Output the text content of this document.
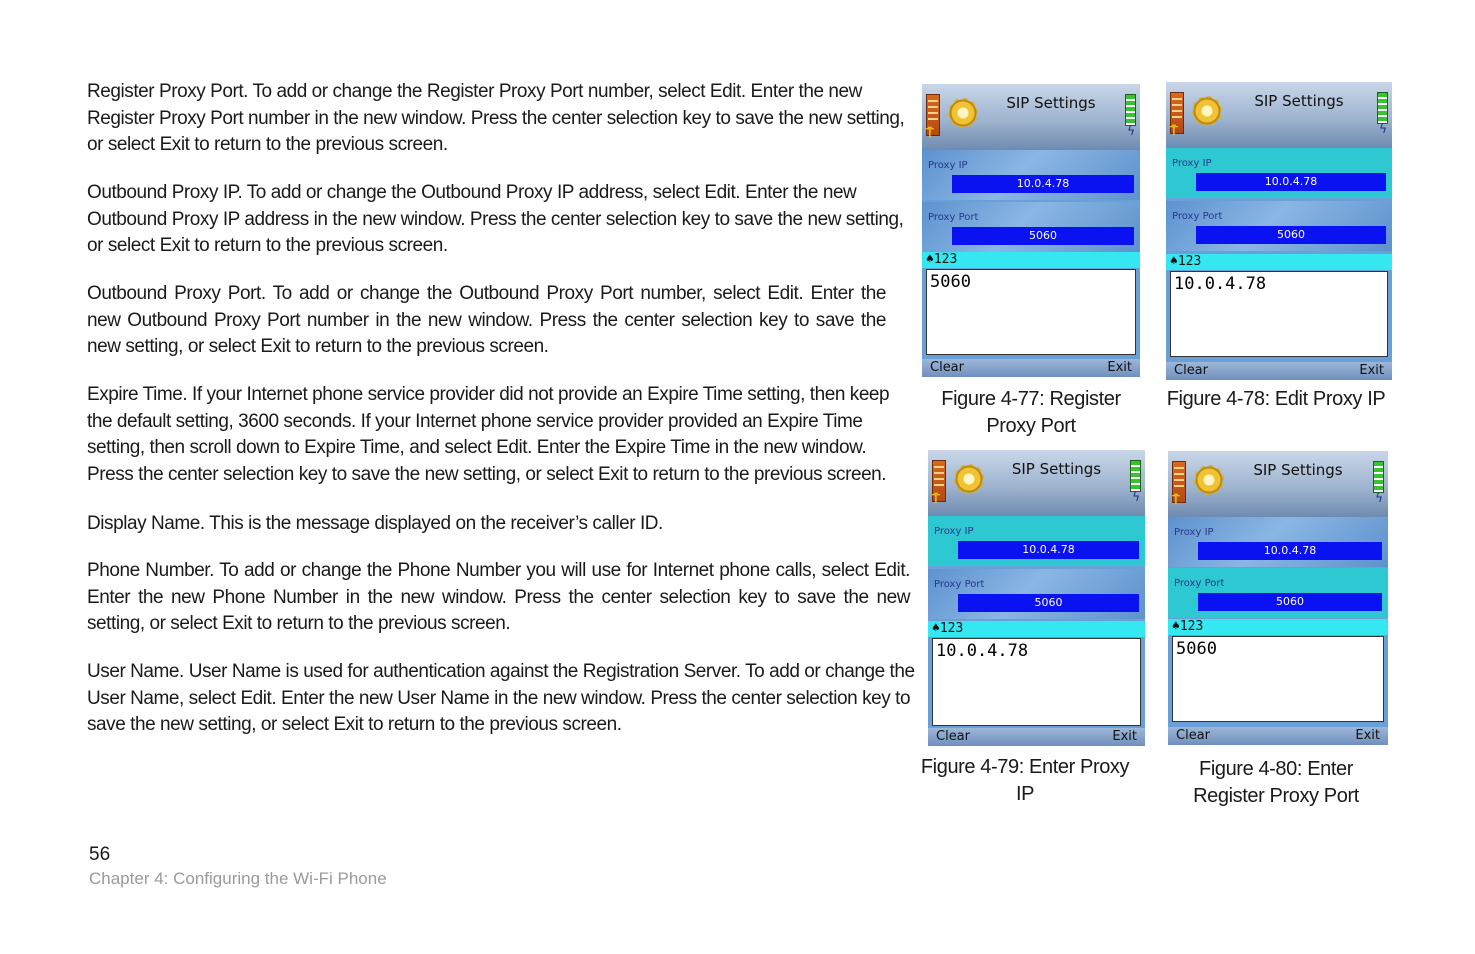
Register Proxy Port. To add or change the Register Proxy Port number, select Edit. Enter the new Register Proxy Port number in the new window. Press the center selection key to save the new setting, or select Exit to return to the previous screen.

Outbound Proxy IP. To add or change the Outbound Proxy IP address, select Edit. Enter the new Outbound Proxy IP address in the new window. Press the center selection key to save the new setting, or select Exit to return to the previous screen.

Outbound Proxy Port. To add or change the Outbound Proxy Port number, select Edit. Enter the new Outbound Proxy Port number in the new window. Press the center selection key to save the new setting, or select Exit to return to the previous screen.

Expire Time. If your Internet phone service provider did not provide an Expire Time setting, then keep the default setting, 3600 seconds. If your Internet phone service provider provided an Expire Time setting, then scroll down to Expire Time, and select Edit. Enter the Expire Time in the new window. Press the center selection key to save the new setting, or select Exit to return to the previous screen.

Display Name. This is the message displayed on the receiver’s caller ID.

Phone Number. To add or change the Phone Number you will use for Internet phone calls, select Edit. Enter the new Phone Number in the new window. Press the center selection key to save the new setting, or select Exit to return to the previous screen.

User Name. User Name is used for authentication against the Registration Server. To add or change the User Name, select Edit. Enter the new User Name in the new window. Press the center selection key to save the new setting, or select Exit to return to the previous screen.

⍑
SIP Settings
ϟ
Proxy IP
10.0.4.78
Proxy Port
5060
♠123
5060
Clear	Exit

Figure 4-77: Register Proxy Port

⍑
SIP Settings
ϟ
Proxy IP
10.0.4.78
Proxy Port
5060
♠123
10.0.4.78
Clear	Exit

Figure 4-78: Edit Proxy IP

⍑
SIP Settings
ϟ
Proxy IP
10.0.4.78
Proxy Port
5060
♠123
10.0.4.78
Clear	Exit

Figure 4-79: Enter Proxy IP

⍑
SIP Settings
ϟ
Proxy IP
10.0.4.78
Proxy Port
5060
♠123
5060
Clear	Exit

Figure 4-80: Enter Register Proxy Port

56
Chapter 4: Configuring the Wi-Fi Phone
